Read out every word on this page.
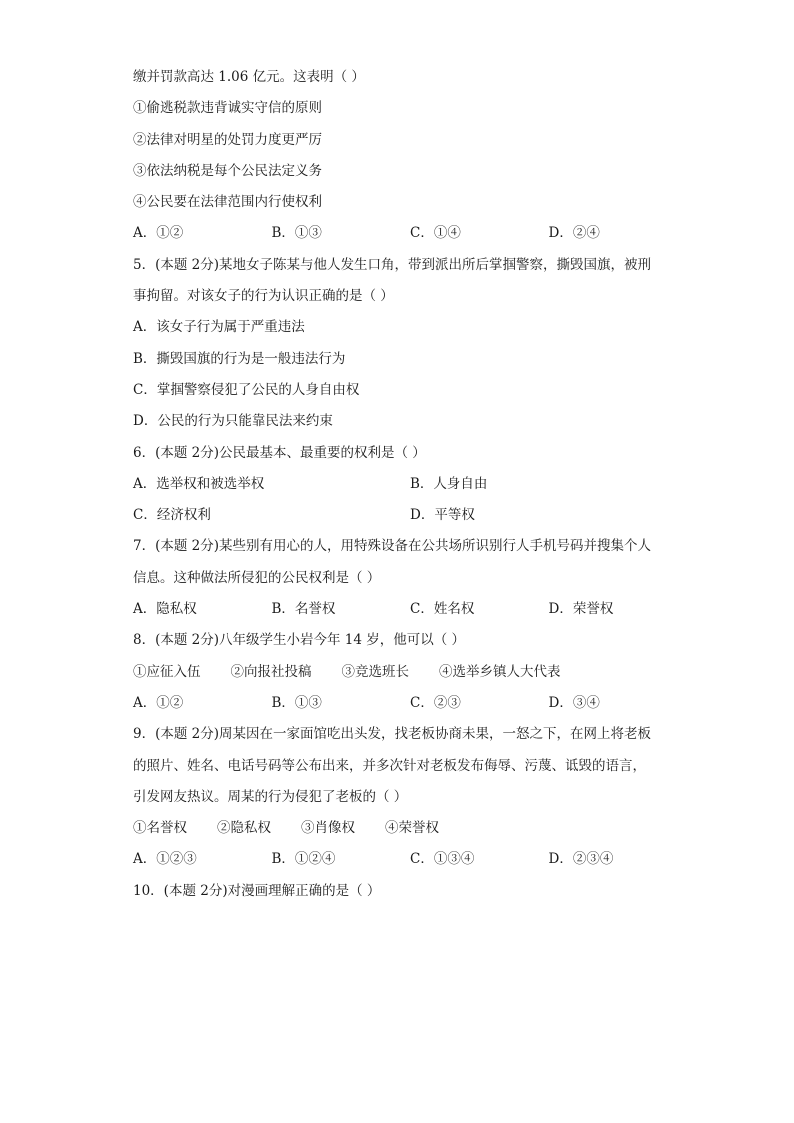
缴并罚款高达 1.06 亿元。这表明（ ）
①偷逃税款违背诚实守信的原则
②法律对明星的处罚力度更严厉
③依法纳税是每个公民法定义务
④公民要在法律范围内行使权利
A．①②	B．①③	C．①④	D．②④
5．(本题 2分)某地女子陈某与他人发生口角，带到派出所后掌掴警察，撕毁国旗，被刑
事拘留。对该女子的行为认识正确的是（ ）
A．该女子行为属于严重违法
B．撕毁国旗的行为是一般违法行为
C．掌掴警察侵犯了公民的人身自由权
D．公民的行为只能靠民法来约束
6．(本题 2分)公民最基本、最重要的权利是（ ）
A．选举权和被选举权	B．人身自由
C．经济权利	D．平等权
7．(本题 2分)某些别有用心的人，用特殊设备在公共场所识别行人手机号码并搜集个人
信息。这种做法所侵犯的公民权利是（ ）
A．隐私权	B．名誉权	C．姓名权	D．荣誉权
8．(本题 2分)八年级学生小岩今年 14 岁，他可以（ ）
①应征入伍 ②向报社投稿 ③竞选班长 ④选举乡镇人大代表
A．①②	B．①③	C．②③	D．③④
9．(本题 2分)周某因在一家面馆吃出头发，找老板协商未果，一怒之下，在网上将老板
的照片、姓名、电话号码等公布出来，并多次针对老板发布侮辱、污蔑、诋毁的语言，
引发网友热议。周某的行为侵犯了老板的（ ）
①名誉权 ②隐私权 ③肖像权 ④荣誉权
A．①②③	B．①②④	C．①③④	D．②③④
10．(本题 2分)对漫画理解正确的是（ ）
